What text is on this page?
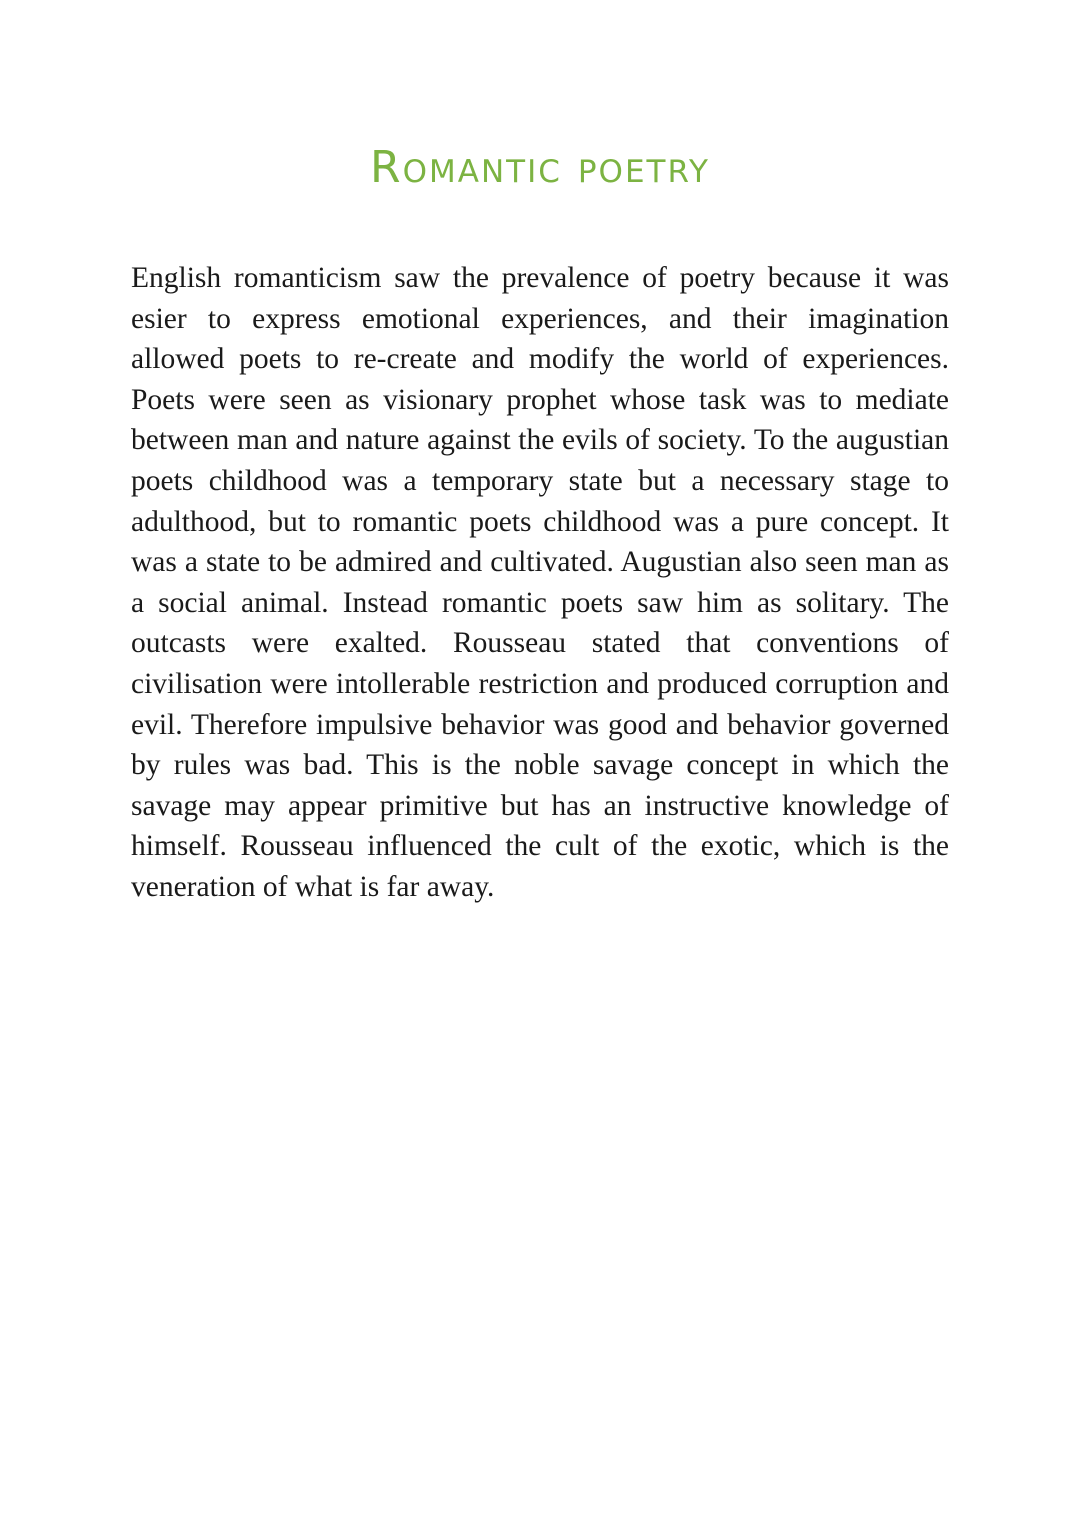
Romantic poetry

English romanticism saw the prevalence of poetry because it was esier to express emotional experiences, and their imagination allowed poets to re-create and modify the world of experiences. Poets were seen as visionary prophet whose task was to mediate between man and nature against the evils of society. To the augustian poets childhood was a temporary state but a necessary stage to adulthood, but to romantic poets childhood was a pure concept. It was a state to be admired and cultivated. Augustian also seen man as a social animal. Instead romantic poets saw him as solitary. The outcasts were exalted. Rousseau stated that conventions of civilisation were intollerable restriction and produced corruption and evil. Therefore impulsive behavior was good and behavior governed by rules was bad. This is the noble savage concept in which the savage may appear primitive but has an instructive knowledge of himself. Rousseau influenced the cult of the exotic, which is the veneration of what is far away.
